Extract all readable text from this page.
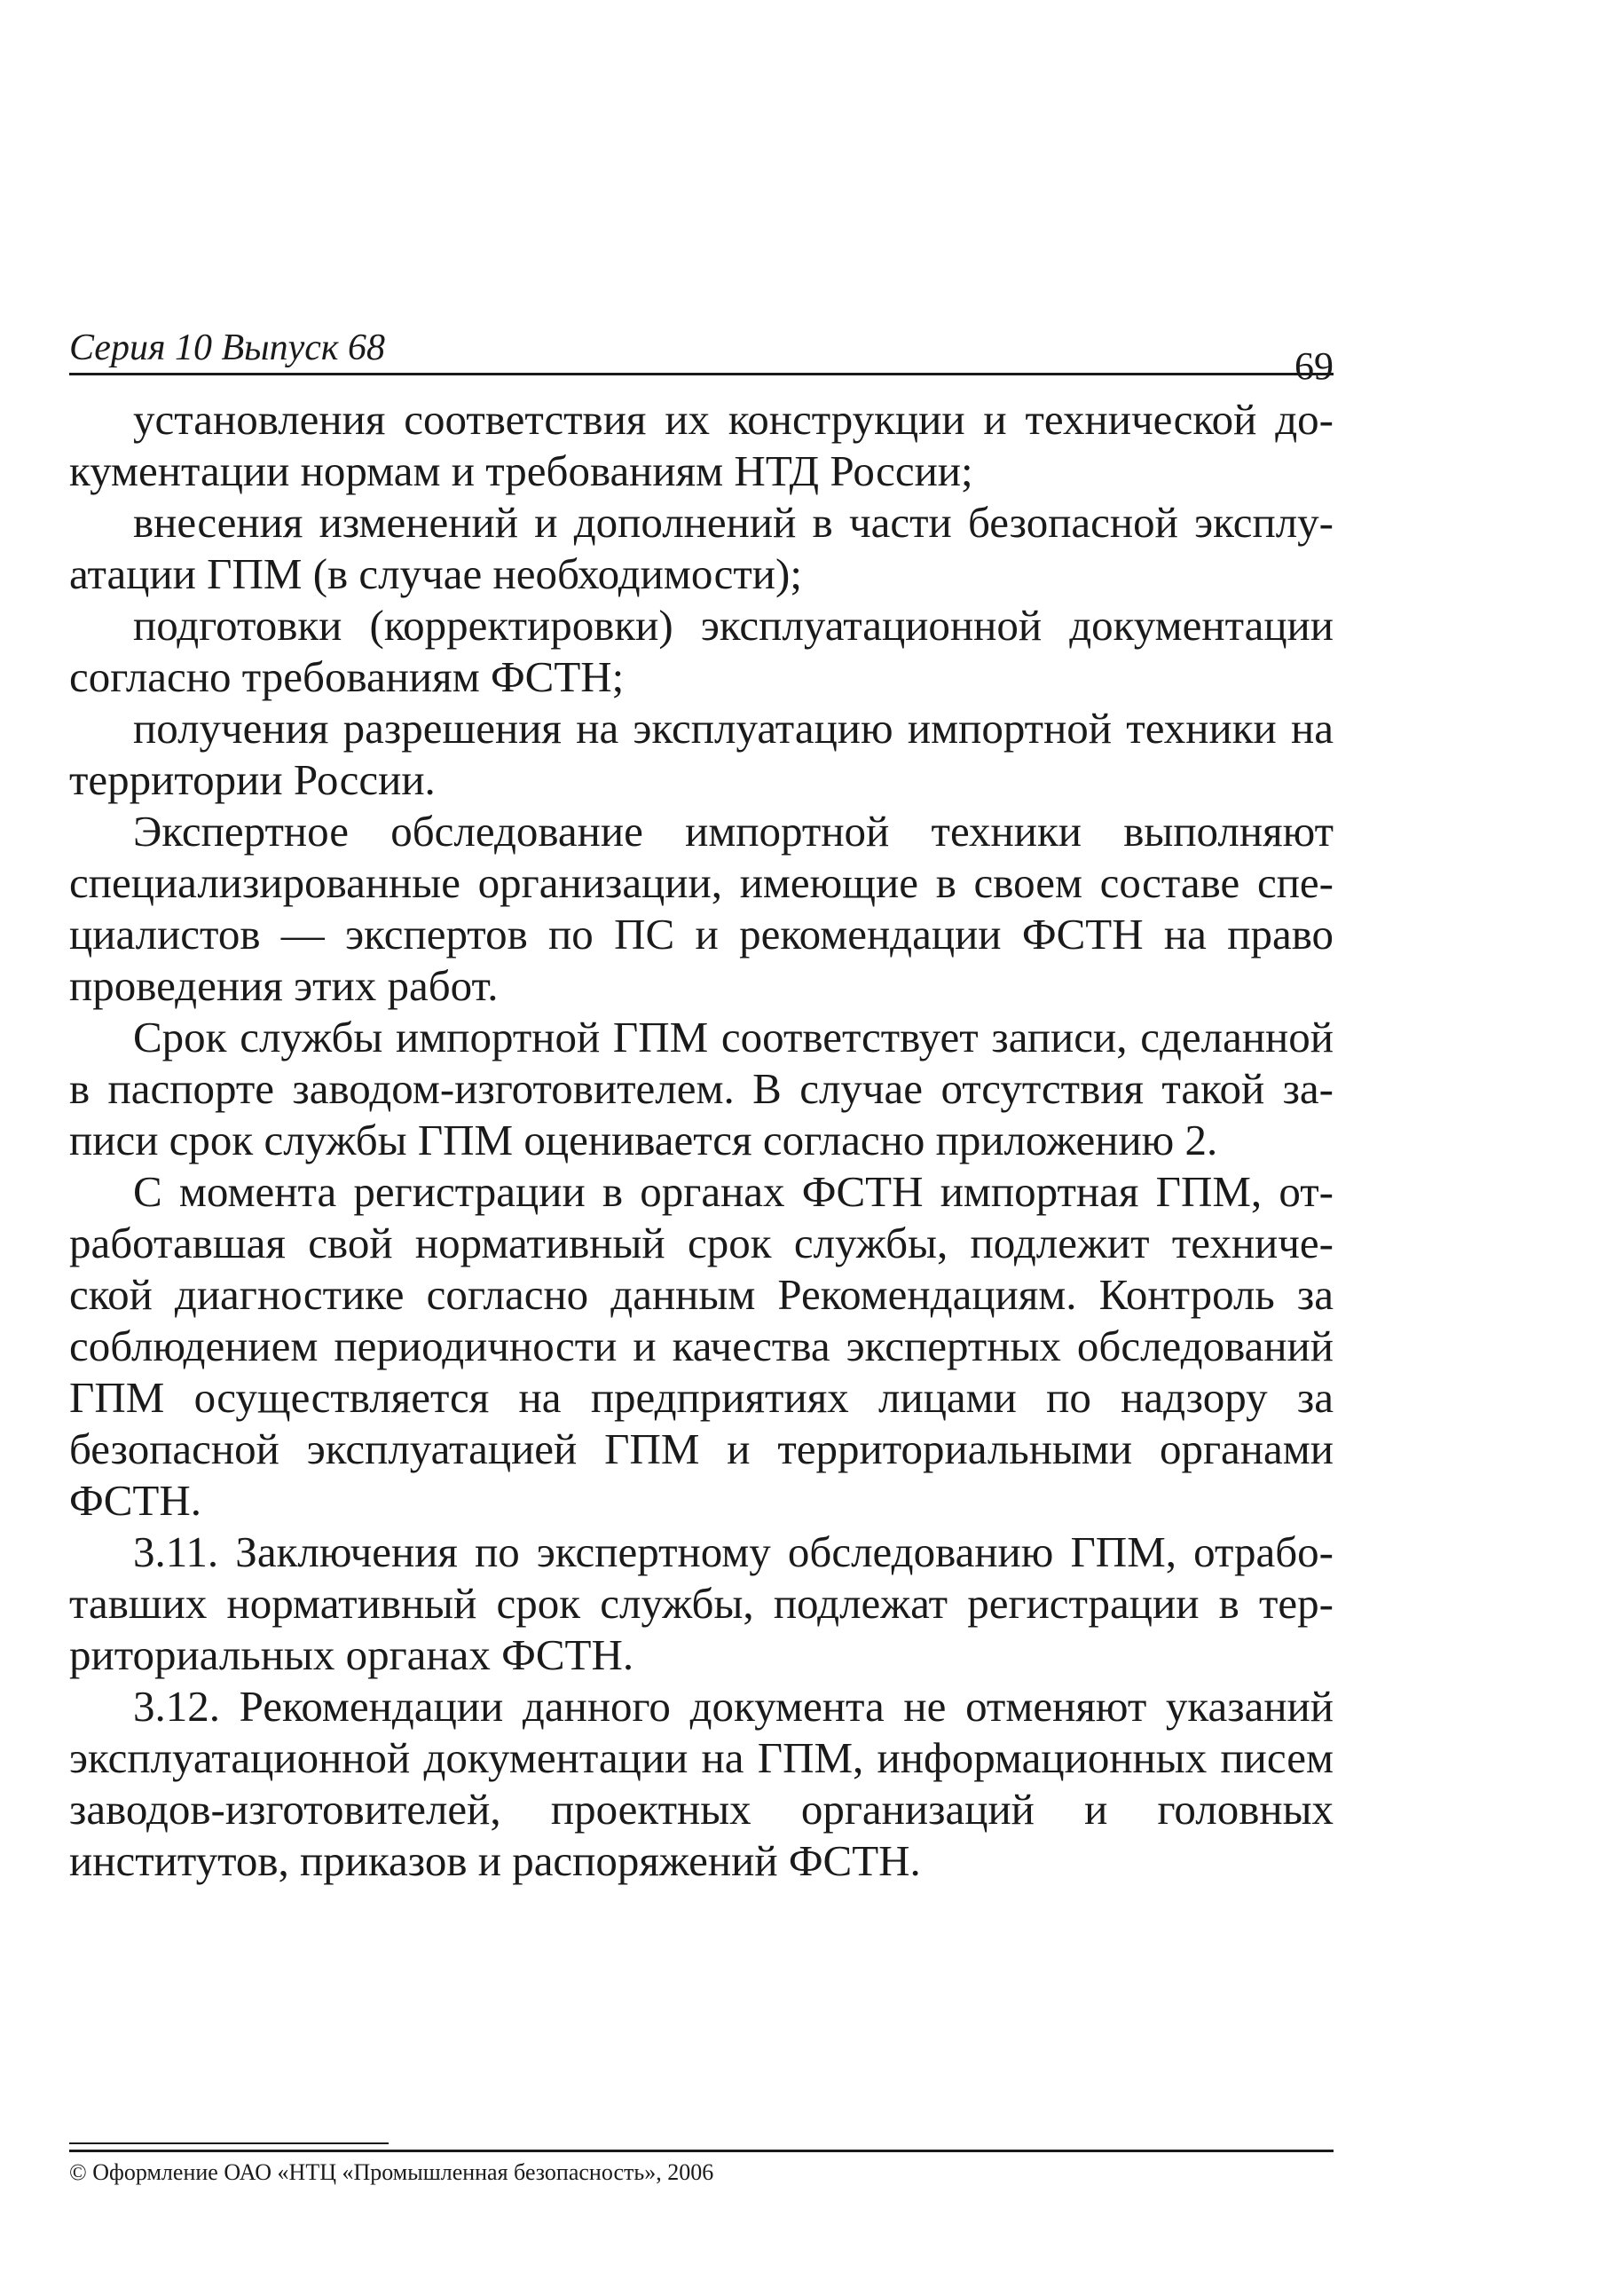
Серия 10 Выпуск 68	69

установления соответствия их конструкции и технической документации нормам и требованиям НТД России;

внесения изменений и дополнений в части безопасной эксплуатации ГПМ (в случае необходимости);

подготовки (корректировки) эксплуатационной документации согласно требованиям ФСТН;

получения разрешения на эксплуатацию импортной техники на территории России.

Экспертное обследование импортной техники выполняют специализированные организации, имеющие в своем составе специалистов — экспертов по ПС и рекомендации ФСТН на право проведения этих работ.

Срок службы импортной ГПМ соответствует записи, сделанной в паспорте заводом-изготовителем. В случае отсутствия такой записи срок службы ГПМ оценивается согласно приложению 2.

С момента регистрации в органах ФСТН импортная ГПМ, отработавшая свой нормативный срок службы, подлежит технической диагностике согласно данным Рекомендациям. Контроль за соблюдением периодичности и качества экспертных обследований ГПМ осуществляется на предприятиях лицами по надзору за безопасной эксплуатацией ГПМ и территориальными органами ФСТН.

3.11. Заключения по экспертному обследованию ГПМ, отработавших нормативный срок службы, подлежат регистрации в территориальных органах ФСТН.

3.12. Рекомендации данного документа не отменяют указаний эксплуатационной документации на ГПМ, информационных писем заводов-изготовителей, проектных организаций и головных институтов, приказов и распоряжений ФСТН.

© Оформление ОАО «НТЦ «Промышленная безопасность», 2006
